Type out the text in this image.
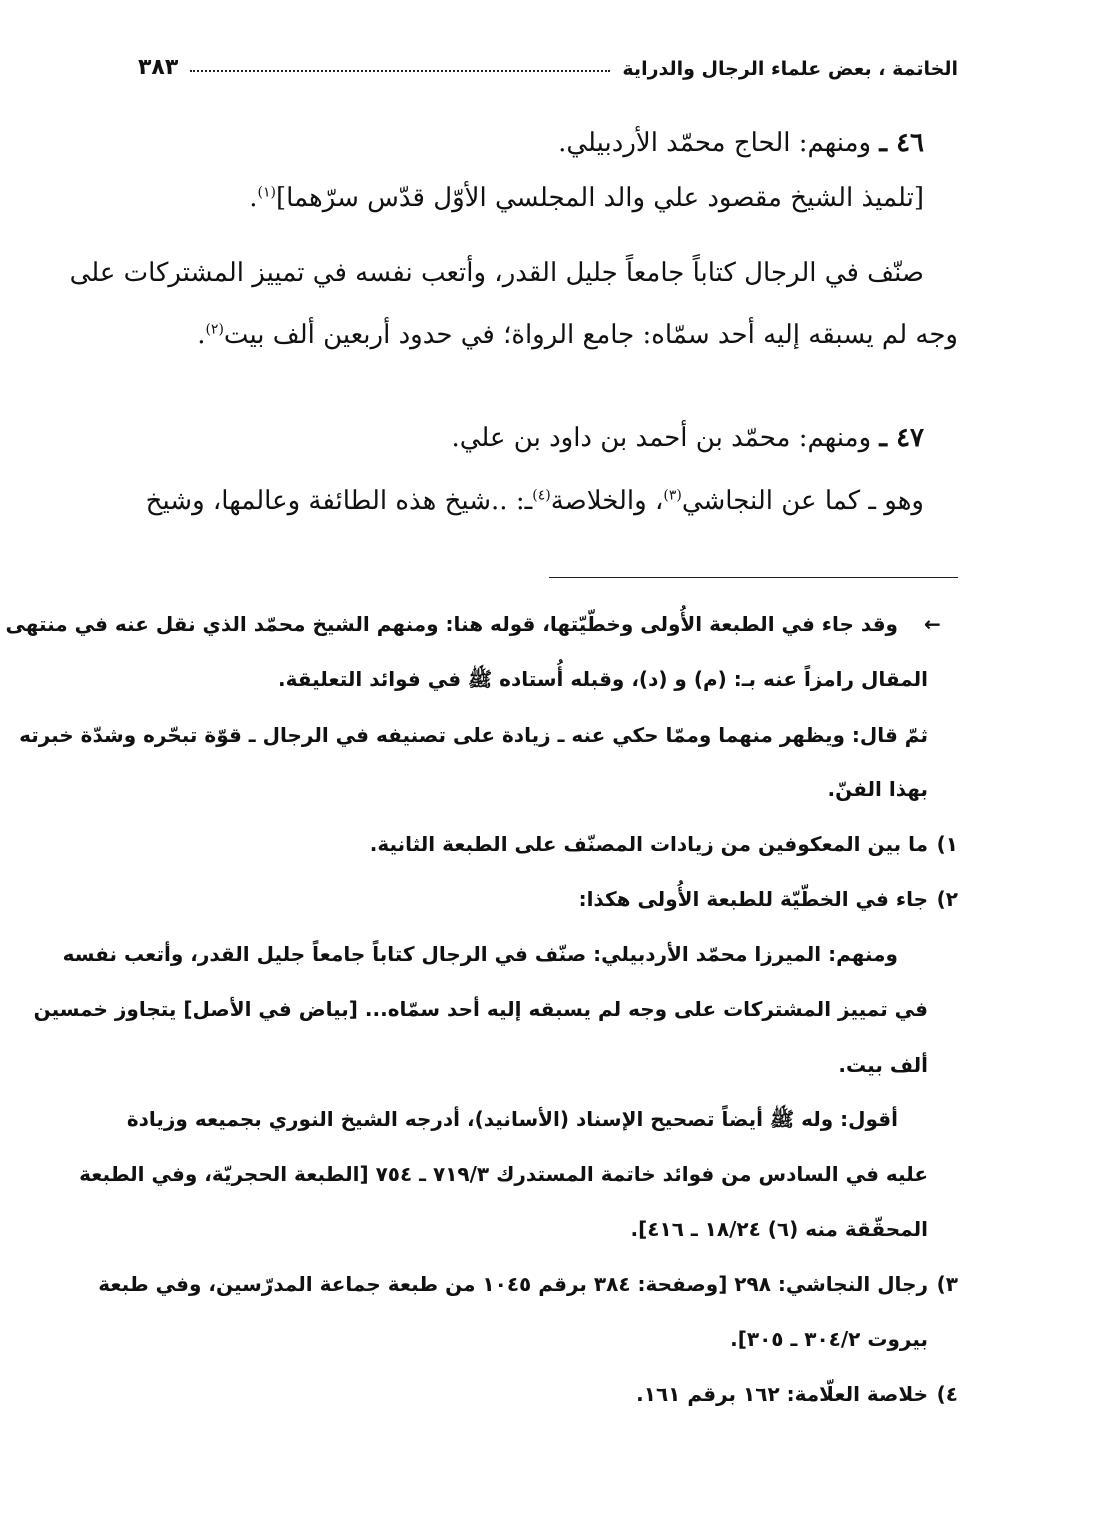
الخاتمة ، بعض علماء الرجال والدراية
٣٨٣
٤٦ ـ ومنهم: الحاج محمّد الأردبيلي.
[تلميذ الشيخ مقصود علي والد المجلسي الأوّل قدّس سرّهما]$^{(١)}$.
صنّف في الرجال كتاباً جامعاً جليل القدر، وأتعب نفسه في تمييز المشتركات على
وجه لم يسبقه إليه أحد سمّاه: جامع الرواة؛ في حدود أربعين ألف بيت$^{(٢)}$.
٤٧ ـ ومنهم: محمّد بن أحمد بن داود بن علي.
وهو ـ كما عن النجاشي$^{(٣)}$، والخلاصة$^{(٤)}$ـ: ..شيخ هذه الطائفة وعالمها، وشيخ
←
وقد جاء في الطبعة الأُولى وخطّيّتها، قوله هنا: ومنهم الشيخ محمّد الذي نقل عنه في منتهى
المقال رامزاً عنه بـ: (م) و (د)، وقبله أُستاده ﷺ في فوائد التعليقة.
ثمّ قال: ويظهر منهما وممّا حكي عنه ـ زيادة على تصنيفه في الرجال ـ قوّة تبحّره وشدّة خبرته
بهذا الفنّ.
١)
ما بين المعكوفين من زيادات المصنّف على الطبعة الثانية.
٢)
جاء في الخطّيّة للطبعة الأُولى هكذا:
ومنهم: الميرزا محمّد الأردبيلي: صنّف في الرجال كتاباً جامعاً جليل القدر، وأتعب نفسه
في تمييز المشتركات على وجه لم يسبقه إليه أحد سمّاه... [بياض في الأصل] يتجاوز خمسين
ألف بيت.
أقول: وله ﷺ أيضاً تصحيح الإسناد (الأسانيد)، أدرجه الشيخ النوري بجميعه وزيادة
عليه في السادس من فوائد خاتمة المستدرك ٧١٩/٣ ـ ٧٥٤ [الطبعة الحجريّة، وفي الطبعة
المحقّقة منه (٦) ١٨/٢٤ ـ ٤١٦].
٣)
رجال النجاشي: ٢٩٨ [وصفحة: ٣٨٤ برقم ١٠٤٥ من طبعة جماعة المدرّسين، وفي طبعة
بيروت ٣٠٤/٢ ـ ٣٠٥].
٤)
خلاصة العلّامة: ١٦٢ برقم ١٦١.
